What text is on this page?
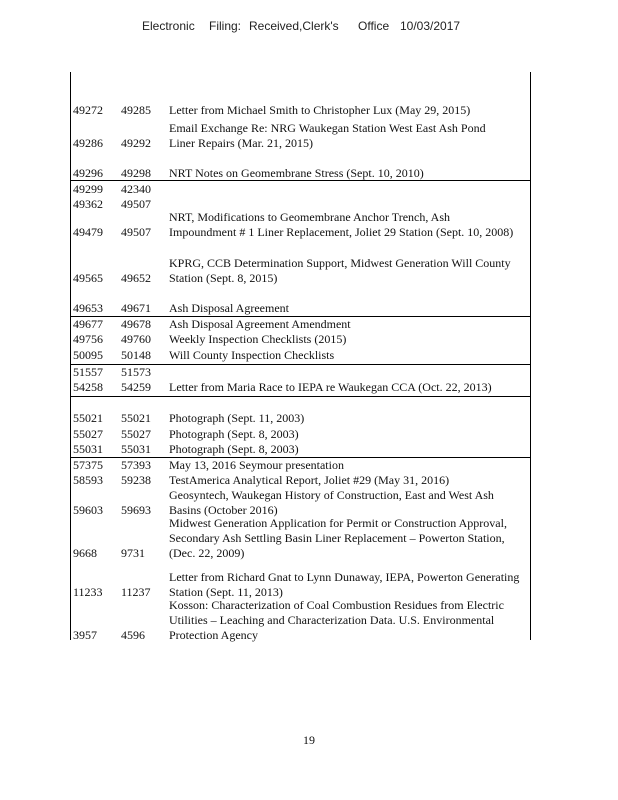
Electronic Filing: Received,Clerk's Office 10/03/2017
49272 49285 Letter from Michael Smith to Christopher Lux (May 29, 2015)
49286 49292
Email Exchange Re: NRG Waukegan Station West East Ash Pond
Liner Repairs (Mar. 21, 2015)
49296 49298 NRT Notes on Geomembrane Stress (Sept. 10, 2010)
49299 42340
49362 49507
49479 49507
NRT, Modifications to Geomembrane Anchor Trench, Ash
Impoundment # 1 Liner Replacement, Joliet 29 Station (Sept. 10, 2008)
49565 49652
KPRG, CCB Determination Support, Midwest Generation Will County
Station (Sept. 8, 2015)
49653 49671 Ash Disposal Agreement
49677 49678 Ash Disposal Agreement Amendment
49756 49760 Weekly Inspection Checklists (2015)
50095 50148 Will County Inspection Checklists
51557 51573
54258 54259 Letter from Maria Race to IEPA re Waukegan CCA (Oct. 22, 2013)
55021 55021 Photograph (Sept. 11, 2003)
55027 55027 Photograph (Sept. 8, 2003)
55031 55031 Photograph (Sept. 8, 2003)
57375 57393 May 13, 2016 Seymour presentation
58593 59238 TestAmerica Analytical Report, Joliet #29 (May 31, 2016)
59603 59693
Geosyntech, Waukegan History of Construction, East and West Ash
Basins (October 2016)
9668 9731
Midwest Generation Application for Permit or Construction Approval,
Secondary Ash Settling Basin Liner Replacement – Powerton Station,
(Dec. 22, 2009)
11233 11237
Letter from Richard Gnat to Lynn Dunaway, IEPA, Powerton Generating
Station (Sept. 11, 2013)
3957 4596
Kosson: Characterization of Coal Combustion Residues from Electric
Utilities – Leaching and Characterization Data. U.S. Environmental
Protection Agency
19
